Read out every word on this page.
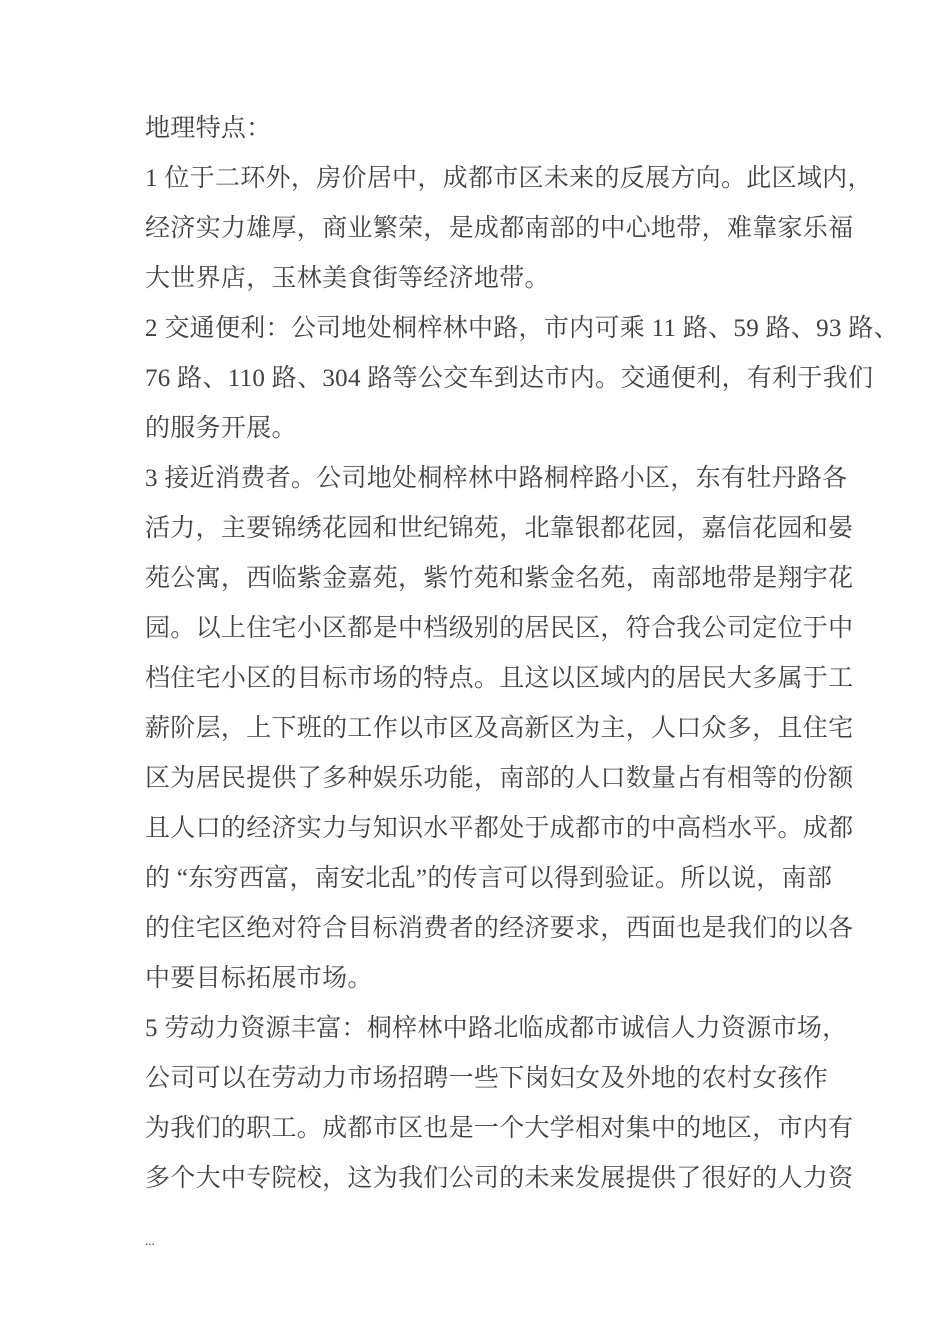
地理特点：
1 位于二环外，房价居中，成都市区未来的反展方向。此区域内，
经济实力雄厚，商业繁荣，是成都南部的中心地带，难靠家乐福
大世界店，玉林美食街等经济地带。
2 交通便利：公司地处桐梓林中路，市内可乘 11 路、59 路、93 路、
76 路、110 路、304 路等公交车到达市内。交通便利，有利于我们
的服务开展。
3 接近消费者。公司地处桐梓林中路桐梓路小区，东有牡丹路各
活力，主要锦绣花园和世纪锦苑，北靠银都花园，嘉信花园和晏
苑公寓，西临紫金嘉苑，紫竹苑和紫金名苑，南部地带是翔宇花
园。以上住宅小区都是中档级别的居民区，符合我公司定位于中
档住宅小区的目标市场的特点。且这以区域内的居民大多属于工
薪阶层，上下班的工作以市区及高新区为主，人口众多，且住宅
区为居民提供了多种娱乐功能，南部的人口数量占有相等的份额
且人口的经济实力与知识水平都处于成都市的中高档水平。成都
的 “东穷西富，南安北乱”的传言可以得到验证。所以说，南部
的住宅区绝对符合目标消费者的经济要求，西面也是我们的以各
中要目标拓展市场。
5 劳动力资源丰富：桐梓林中路北临成都市诚信人力资源市场，
公司可以在劳动力市场招聘一些下岗妇女及外地的农村女孩作
为我们的职工。成都市区也是一个大学相对集中的地区，市内有
多个大中专院校，这为我们公司的未来发展提供了很好的人力资
...
